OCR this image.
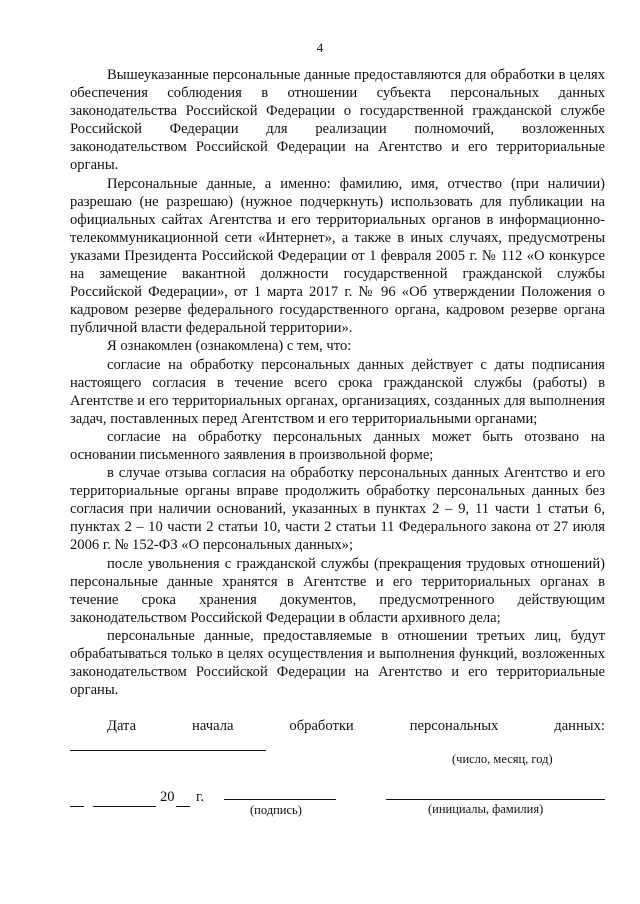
4

Вышеуказанные персональные данные предоставляются для обработки в целях обеспечения соблюдения в отношении субъекта персональных данных законодательства Российской Федерации о государственной гражданской службе Российской Федерации для реализации полномочий, возложенных законодательством Российской Федерации на Агентство и его территориальные органы.

Персональные данные, а именно: фамилию, имя, отчество (при наличии) разрешаю (не разрешаю) (нужное подчеркнуть) использовать для публикации на официальных сайтах Агентства и его территориальных органов в информационно-телекоммуникационной сети «Интернет», а также в иных случаях, предусмотрены указами Президента Российской Федерации от 1 февраля 2005 г. № 112 «О конкурсе на замещение вакантной должности государственной гражданской службы Российской Федерации», от 1 марта 2017 г. № 96 «Об утверждении Положения о кадровом резерве федерального государственного органа, кадровом резерве органа публичной власти федеральной территории».

Я ознакомлен (ознакомлена) с тем, что:

согласие на обработку персональных данных действует с даты подписания настоящего согласия в течение всего срока гражданской службы (работы) в Агентстве и его территориальных органах, организациях, созданных для выполнения задач, поставленных перед Агентством и его территориальными органами;

согласие на обработку персональных данных может быть отозвано на основании письменного заявления в произвольной форме;

в случае отзыва согласия на обработку персональных данных Агентство и его территориальные органы вправе продолжить обработку персональных данных без согласия при наличии оснований, указанных в пунктах 2 – 9, 11 части 1 статьи 6, пунктах 2 – 10 части 2 статьи 10, части 2 статьи 11 Федерального закона от 27 июля 2006 г. № 152-ФЗ «О персональных данных»;

после увольнения с гражданской службы (прекращения трудовых отношений) персональные данные хранятся в Агентстве и его территориальных органах в течение срока хранения документов, предусмотренного действующим законодательством Российской Федерации в области архивного дела;

персональные данные, предоставляемые в отношении третьих лиц, будут обрабатываться только в целях осуществления и выполнения функций, возложенных законодательством Российской Федерации на Агентство и его территориальные органы.

Дата	начала	обработки	персональных	данных:
(число, месяц, год)
20 г.
(подпись)	(инициалы, фамилия)
